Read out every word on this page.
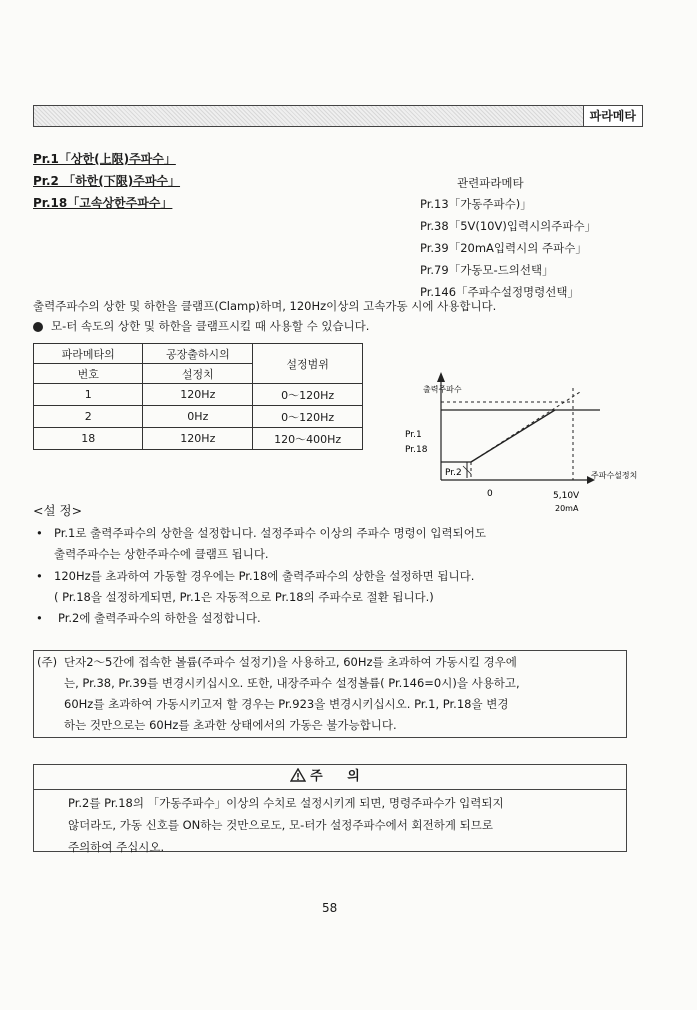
파라메타
Pr.1「상한(上限)주파수」
Pr.2 「하한(下限)주파수」
Pr.18「고속상한주파수」
관련파라메타
Pr.13「가동주파수)」
Pr.38「5V(10V)입력시의주파수」
Pr.39「20mA입력시의 주파수」
Pr.79「가동모-드의선택」
Pr.146「주파수설정명령선택」
출력주파수의 상한 및 하한을 클램프(Clamp)하며, 120Hz이상의 고속가동 시에 사용합니다.
모-터 속도의 상한 및 하한을 클램프시킬 때 사용할 수 있습니다.
파라메타의	공장출하시의	설정범위
번호	설정치	
1	120Hz	0～120Hz
2	0Hz	0～120Hz
18	120Hz	120～400Hz
출력주파수
Pr.1
Pr.18
Pr.2	주파수설정치
0	5,10V
20mA
<설 정>
• Pr.1로 출력주파수의 상한을 설정합니다. 설정주파수 이상의 주파수 명령이 입력되어도
출력주파수는 상한주파수에 클램프 됩니다.
• 120Hz를 초과하여 가동할 경우에는 Pr.18에 출력주파수의 상한을 설정하면 됩니다.
( Pr.18을 설정하게되면, Pr.1은 자동적으로 Pr.18의 주파수로 절환 됩니다.)
• Pr.2에 출력주파수의 하한을 설정합니다.
(주) 단자2～5간에 접속한 볼륨(주파수 설정기)을 사용하고, 60Hz를 초과하여 가동시킬 경우에
는, Pr.38, Pr.39를 변경시키십시오. 또한, 내장주파수 설정볼륨( Pr.146=0시)을 사용하고,
60Hz를 초과하여 가동시키고저 할 경우는 Pr.923을 변경시키십시오. Pr.1, Pr.18을 변경
하는 것만으로는 60Hz를 초과한 상태에서의 가동은 불가능합니다.
주 의
Pr.2를 Pr.18의 「가동주파수」이상의 수치로 설정시키게 되면, 명령주파수가 입력되지
않더라도, 가동 신호를 ON하는 것만으로도, 모-터가 설정주파수에서 회전하게 되므로
주의하여 주십시오.
58
